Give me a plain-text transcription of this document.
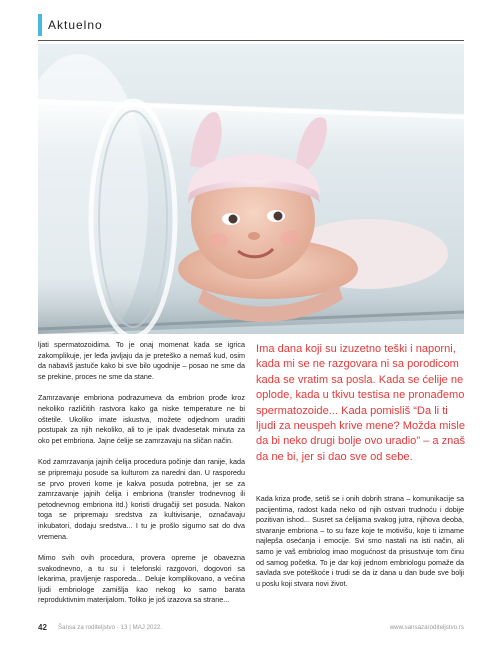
Aktuelno

ljati spermatozoidima. To je onaj momenat kada se igrica zakomplikuje, jer leđa javljaju da je preteško a nemaš kud, osim da nabaviš jastuče kako bi sve bilo ugodnije – posao ne sme da se prekine, proces ne sme da stane.

Zamrzavanje embriona podrazumeva da embrion prođe kroz nekoliko različitih rastvora kako ga niske temperature ne bi oštetile. Ukoliko imate iskustva, možete odjednom uraditi postupak za njih nekoliko, ali to je ipak dvadesetak minuta za oko pet embriona. Jajne ćelije se zamrzavaju na sličan način.

Kod zamrzavanja jajnih ćelija procedura počinje dan ranije, kada se pripremaju posude sa kulturom za naredni dan. U rasporedu se prvo proveri kome je kakva posuda potrebna, jer se za zamrzavanje jajnih ćelija i embriona (transfer trodnevnog ili petodnevnog embriona itd.) koristi drugačiji set posuda. Nakon toga se pripremaju sredstva za kultivisanje, označavaju inkubatori, dodaju sredstva... I tu je prošlo sigurno sat do dva vremena.

Mimo svih ovih procedura, provera opreme je obavezna svakodnevno, a tu su i telefonski razgovori, dogovori sa lekarima, pravljenje rasporeda... Deluje komplikovano, a većina ljudi embriologe zamišlja kao nekog ko samo barata reproduktivnim materijalom. Toliko je još izazova sa strane...

Ima dana koji su izuzetno teški i naporni, kada mi se ne razgovara ni sa porodicom kada se vratim sa posla. Kada se ćelije ne oplode, kada u tkivu testisa ne pronađemo spermatozoide... Kada pomisliš “Da li ti ljudi za neuspeh krive mene? Možda misle da bi neko drugi bolje ovo uradio” – a znaš da ne bi, jer si dao sve od sebe.

Kada kriza prođe, setiš se i onih dobrih strana – komunikacije sa pacijentima, radost kada neko od njih ostvari trudnoću i dobije pozitivan ishod... Susret sa ćelijama svakog jutra, njihova deoba, stvaranje embriona – to su faze koje te motivišu, koje ti izmame najlepša osećanja i emocije. Svi smo nastali na isti način, ali samo je vaš embriolog imao mogućnost da prisustvuje tom činu od samog početka. To je dar koji jednom embriologu pomaže da savlada sve poteškoće i trudi se da iz dana u dan bude sve bolji u poslu koji stvara novi život.

42 Šansa za roditeljstvo · 13 | MAJ 2022.	www.sansazaroditeljstvo.rs
